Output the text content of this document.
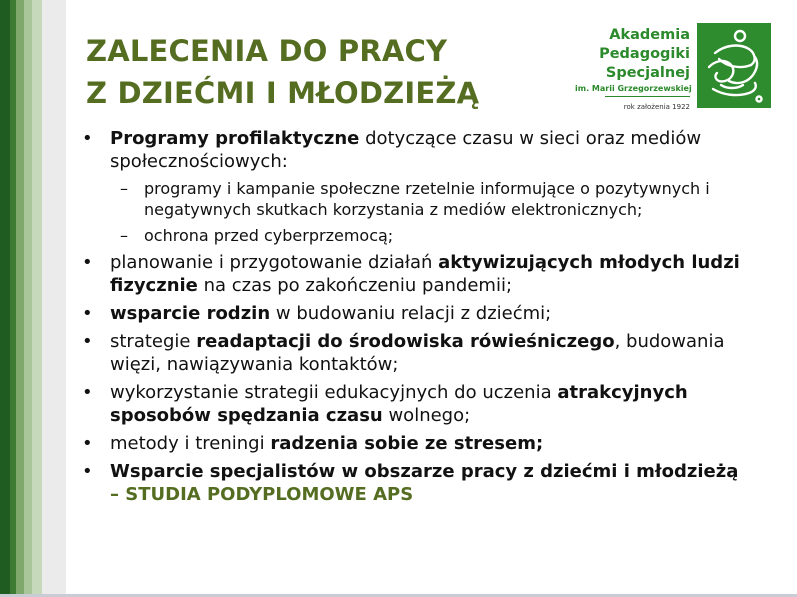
ZALECENIA DO PRACY
Z DZIEĆMI I MŁODZIEŻĄ
Akademia
Pedagogiki
Specjalnej
im. Marii Grzegorzewskiej
rok założenia 1922
• Programy profilaktyczne dotyczące czasu w sieci oraz mediów społecznościowych:
– programy i kampanie społeczne rzetelnie informujące o pozytywnych i negatywnych skutkach korzystania z mediów elektronicznych;
– ochrona przed cyberprzemocą;
• planowanie i przygotowanie działań aktywizujących młodych ludzi fizycznie na czas po zakończeniu pandemii;
• wsparcie rodzin w budowaniu relacji z dziećmi;
• strategie readaptacji do środowiska rówieśniczego, budowania więzi, nawiązywania kontaktów;
• wykorzystanie strategii edukacyjnych do uczenia atrakcyjnych sposobów spędzania czasu wolnego;
• metody i treningi radzenia sobie ze stresem;
• Wsparcie specjalistów w obszarze pracy z dziećmi i młodzieżą
– STUDIA PODYPLOMOWE APS
